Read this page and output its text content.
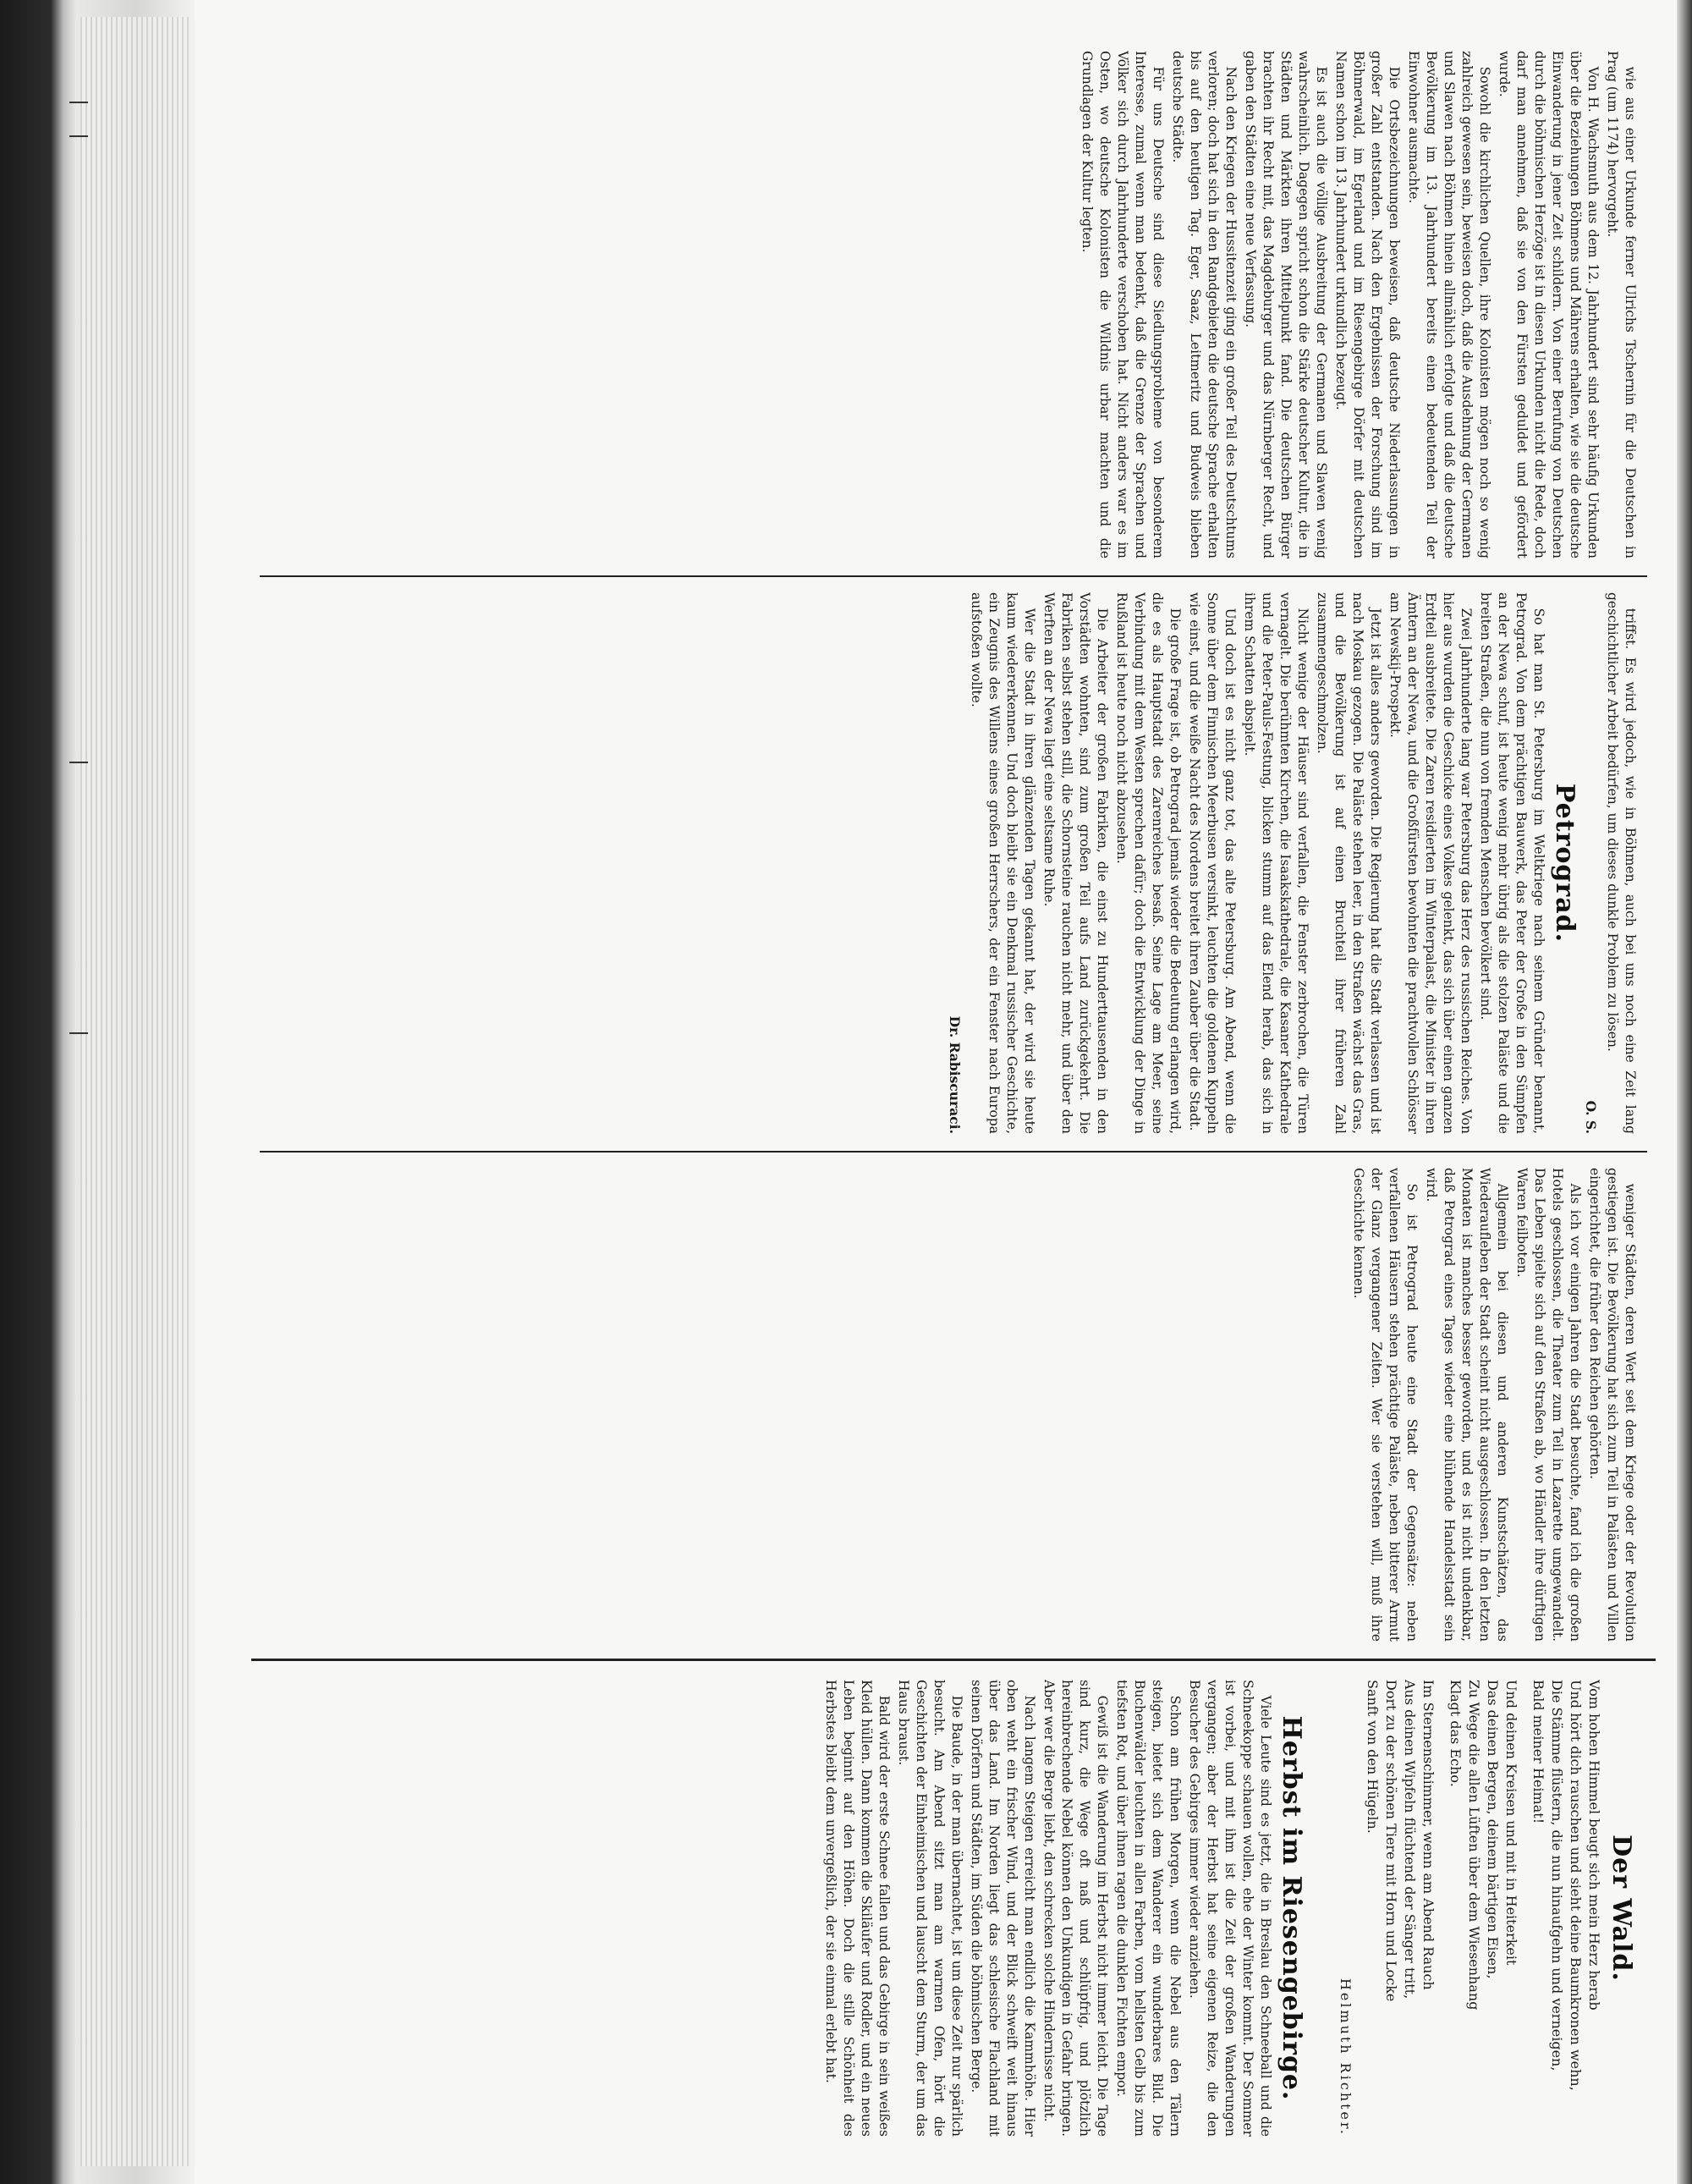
wie aus einer Urkunde ferner Ulrichs Tschernin für die Deutschen in Prag (um 1174) hervorgeht.

Von H. Wachsmuth aus dem 12. Jahrhundert sind sehr häufig Urkunden über die Beziehungen Böhmens und Mährens erhalten, wie sie die deutsche Einwanderung in jener Zeit schildern. Von einer Berufung von Deutschen durch die böhmischen Herzöge ist in diesen Urkunden nicht die Rede, doch darf man annehmen, daß sie von den Fürsten geduldet und gefördert wurde.

Sowohl die kirchlichen Quellen, ihre Kolonisten mögen noch so wenig zahlreich gewesen sein, beweisen doch, daß die Ausdehnung der Germanen und Slawen nach Böhmen hinein allmählich erfolgte und daß die deutsche Bevölkerung im 13. Jahrhundert bereits einen bedeutenden Teil der Einwohner ausmachte.

Die Ortsbezeichnungen beweisen, daß deutsche Niederlassungen in großer Zahl entstanden. Nach den Ergebnissen der Forschung sind im Böhmerwald, im Egerland und im Riesengebirge Dörfer mit deutschen Namen schon im 13. Jahrhundert urkundlich bezeugt.

Es ist auch die völlige Ausbreitung der Germanen und Slawen wenig wahrscheinlich. Dagegen spricht schon die Stärke deutscher Kultur, die in Städten und Märkten ihren Mittelpunkt fand. Die deutschen Bürger brachten ihr Recht mit, das Magdeburger und das Nürnberger Recht, und gaben den Städten eine neue Verfassung.

Nach den Kriegen der Hussitenzeit ging ein großer Teil des Deutschtums verloren; doch hat sich in den Randgebieten die deutsche Sprache erhalten bis auf den heutigen Tag. Eger, Saaz, Leitmeritz und Budweis blieben deutsche Städte.

Für uns Deutsche sind diese Siedlungsprobleme von besonderem Interesse, zumal wenn man bedenkt, daß die Grenze der Sprachen und Völker sich durch Jahrhunderte verschoben hat. Nicht anders war es im Osten, wo deutsche Kolonisten die Wildnis urbar machten und die Grundlagen der Kultur legten.

triffst. Es wird jedoch, wie in Böhmen, auch bei uns noch eine Zeit lang geschichtlicher Arbeit bedürfen, um dieses dunkle Problem zu lösen.

O. S.
Petrograd.

So hat man St. Petersburg im Weltkriege nach seinem Gründer benannt, Petrograd. Von dem prächtigen Bauwerk, das Peter der Große in den Sümpfen an der Newa schuf, ist heute wenig mehr übrig als die stolzen Paläste und die breiten Straßen, die nun von fremden Menschen bevölkert sind.

Zwei Jahrhunderte lang war Petersburg das Herz des russischen Reiches. Von hier aus wurden die Geschicke eines Volkes gelenkt, das sich über einen ganzen Erdteil ausbreitete. Die Zaren residierten im Winterpalast, die Minister in ihren Ämtern an der Newa, und die Großfürsten bewohnten die prachtvollen Schlösser am Newskij-Prospekt.

Jetzt ist alles anders geworden. Die Regierung hat die Stadt verlassen und ist nach Moskau gezogen. Die Paläste stehen leer, in den Straßen wächst das Gras, und die Bevölkerung ist auf einen Bruchteil ihrer früheren Zahl zusammengeschmolzen.

Nicht wenige der Häuser sind verfallen, die Fenster zerbrochen, die Türen vernagelt. Die berühmten Kirchen, die Isaakskathedrale, die Kasaner Kathedrale und die Peter-Pauls-Festung, blicken stumm auf das Elend herab, das sich in ihrem Schatten abspielt.

Und doch ist es nicht ganz tot, das alte Petersburg. Am Abend, wenn die Sonne über dem Finnischen Meerbusen versinkt, leuchten die goldenen Kuppeln wie einst, und die weiße Nacht des Nordens breitet ihren Zauber über die Stadt.

Die große Frage ist, ob Petrograd jemals wieder die Bedeutung erlangen wird, die es als Hauptstadt des Zarenreiches besaß. Seine Lage am Meer, seine Verbindung mit dem Westen sprechen dafür; doch die Entwicklung der Dinge in Rußland ist heute noch nicht abzusehen.

Die Arbeiter der großen Fabriken, die einst zu Hunderttausenden in den Vorstädten wohnten, sind zum großen Teil aufs Land zurückgekehrt. Die Fabriken selbst stehen still, die Schornsteine rauchen nicht mehr, und über den Werften an der Newa liegt eine seltsame Ruhe.

Wer die Stadt in ihren glänzenden Tagen gekannt hat, der wird sie heute kaum wiedererkennen. Und doch bleibt sie ein Denkmal russischer Geschichte, ein Zeugnis des Willens eines großen Herrschers, der ein Fenster nach Europa aufstoßen wollte.

Dr. Rabiscuraci.

weniger Städten, deren Wert seit dem Kriege oder der Revolution gestiegen ist. Die Bevölkerung hat sich zum Teil in Palästen und Villen eingerichtet, die früher den Reichen gehörten.

Als ich vor einigen Jahren die Stadt besuchte, fand ich die großen Hotels geschlossen, die Theater zum Teil in Lazarette umgewandelt. Das Leben spielte sich auf den Straßen ab, wo Händler ihre dürftigen Waren feilboten.

Allgemein bei diesen und anderen Kunstschätzen, das Wiederaufleben der Stadt scheint nicht ausgeschlossen. In den letzten Monaten ist manches besser geworden, und es ist nicht undenkbar, daß Petrograd eines Tages wieder eine blühende Handelsstadt sein wird.

So ist Petrograd heute eine Stadt der Gegensätze: neben verfallenen Häusern stehen prächtige Paläste, neben bitterer Armut der Glanz vergangener Zeiten. Wer sie verstehen will, muß ihre Geschichte kennen.

Der Wald.
Vom hohen Himmel beugt sich mein Herz herab
Und hört dich rauschen und sieht deine Baumkronen wehn,
Die Stämme flüstern, die nun hinaufgehn und verneigen,
Bald meiner Heimat!
Und deinen Kreisen und mit in Heiterkeit
Das deinen Bergen, deinem bärtigen Eisen,
Zu Wege die allen Lüften über dem Wiesenhang
Klagt das Echo.
Im Sternenschimmer, wenn am Abend Rauch
Aus deinen Wipfeln flüchtend der Sänger tritt,
Dort zu der schönen Tiere mit Horn und Locke
Sanft von den Hügeln.
Helmuth Richter.
Herbst im Riesengebirge.

Viele Leute sind es jetzt, die in Breslau den Schneeball und die Schneekoppe schauen wollen, ehe der Winter kommt. Der Sommer ist vorbei, und mit ihm ist die Zeit der großen Wanderungen vergangen; aber der Herbst hat seine eigenen Reize, die den Besucher des Gebirges immer wieder anziehen.

Schon am frühen Morgen, wenn die Nebel aus den Tälern steigen, bietet sich dem Wanderer ein wunderbares Bild. Die Buchenwälder leuchten in allen Farben, vom hellsten Gelb bis zum tiefsten Rot, und über ihnen ragen die dunklen Fichten empor.

Gewiß ist die Wanderung im Herbst nicht immer leicht. Die Tage sind kurz, die Wege oft naß und schlüpfrig, und plötzlich hereinbrechende Nebel können den Unkundigen in Gefahr bringen. Aber wer die Berge liebt, den schrecken solche Hindernisse nicht.

Nach langem Steigen erreicht man endlich die Kammhöhe. Hier oben weht ein frischer Wind, und der Blick schweift weit hinaus über das Land. Im Norden liegt das schlesische Flachland mit seinen Dörfern und Städten, im Süden die böhmischen Berge.

Die Baude, in der man übernachtet, ist um diese Zeit nur spärlich besucht. Am Abend sitzt man am warmen Ofen, hört die Geschichten der Einheimischen und lauscht dem Sturm, der um das Haus braust.

Bald wird der erste Schnee fallen und das Gebirge in sein weißes Kleid hüllen. Dann kommen die Skiläufer und Rodler, und ein neues Leben beginnt auf den Höhen. Doch die stille Schönheit des Herbstes bleibt dem unvergeßlich, der sie einmal erlebt hat.
